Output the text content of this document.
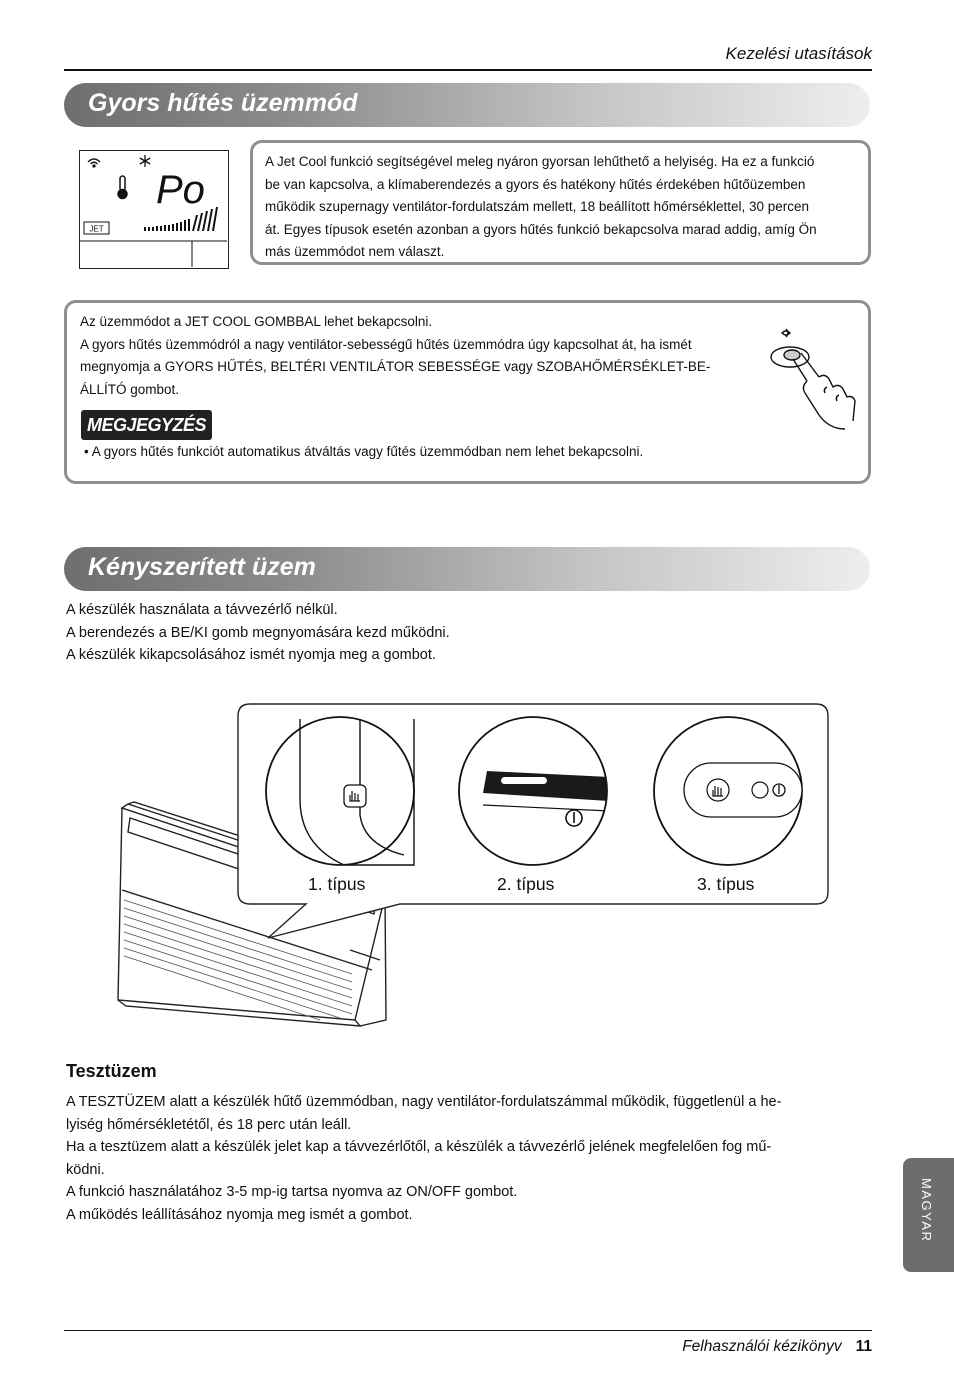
Kezelési utasítások
Gyors hűtés üzemmód
Po
JET
A Jet Cool funkció segítségével meleg nyáron gyorsan lehűthető a helyiség. Ha ez a funkció
be van kapcsolva, a klímaberendezés a gyors és hatékony hűtés érdekében hűtőüzemben
működik szupernagy ventilátor-fordulatszám mellett, 18 beállított hőmérséklettel, 30 percen
át. Egyes típusok esetén azonban a gyors hűtés funkció bekapcsolva marad addig, amíg Ön
más üzemmódot nem választ.
Az üzemmódot a JET COOL GOMBBAL lehet bekapcsolni.
A gyors hűtés üzemmódról a nagy ventilátor-sebességű hűtés üzemmódra úgy kapcsolhat át, ha ismét
megnyomja a GYORS HŰTÉS, BELTÉRI VENTILÁTOR SEBESSÉGE vagy SZOBAHŐMÉRSÉKLET-BE-
ÁLLÍTÓ gombot.
MEGJEGYZÉS
• A gyors hűtés funkciót automatikus átváltás vagy fűtés üzemmódban nem lehet bekapcsolni.
Kényszerített üzem
A készülék használata a távvezérlő nélkül.
A berendezés a BE/KI gomb megnyomására kezd működni.
A készülék kikapcsolásához ismét nyomja meg a gombot.
1. típus	2. típus	3. típus
Tesztüzem
A TESZTÜZEM alatt a készülék hűtő üzemmódban, nagy ventilátor-fordulatszámmal működik, függetlenül a he-
lyiség hőmérsékletétől, és 18 perc után leáll.
Ha a tesztüzem alatt a készülék jelet kap a távvezérlőtől, a készülék a távvezérlő jelének megfelelően fog mű-
ködni.
A funkció használatához 3-5 mp-ig tartsa nyomva az ON/OFF gombot.
A működés leállításához nyomja meg ismét a gombot.	MAGYAR
Felhasználói kézikönyv 11
